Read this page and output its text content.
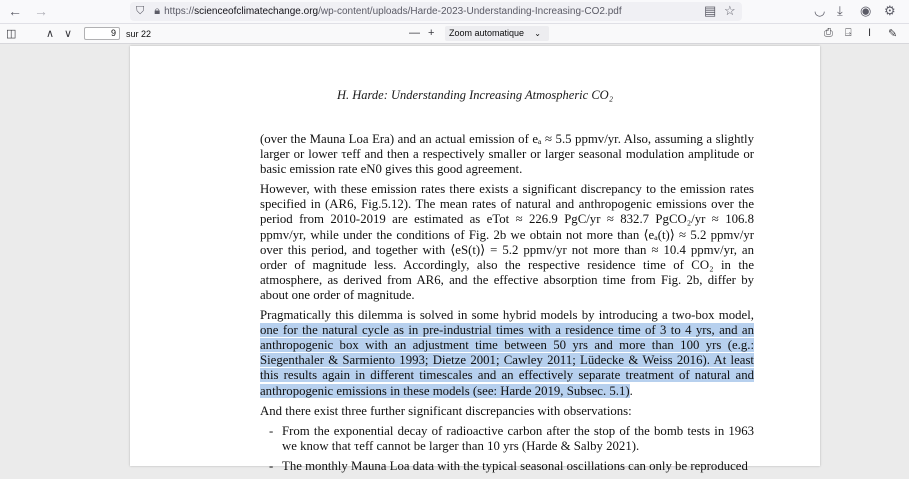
← →	⛉ 🔒︎ https:// scienceofclimatechange.org /wp-content/uploads/Harde-2023-Understanding-Increasing-CO2.pdf	▤ ☆	◡ ⤓ ◉ ⚙
◫	∧ ∨	9	sur 22	— +	Zoom automatique ⌄	⎙ ⍈ I ✎
H. Harde: Understanding Increasing Atmospheric CO₂

(over the Mauna Loa Era) and an actual emission of eₐ ≈ 5.5 ppmv/yr. Also, assuming a slightly larger or lower τeff and then a respectively smaller or larger seasonal modulation amplitude or basic emission rate eN0 gives this good agreement.

However, with these emission rates there exists a significant discrepancy to the emission rates specified in (AR6, Fig.5.12). The mean rates of natural and anthropogenic emissions over the period from 2010-2019 are estimated as eTot ≈ 226.9 PgC/yr ≈ 832.7 PgCO₂/yr ≈ 106.8 ppmv/yr, while under the conditions of Fig. 2b we obtain not more than ⟨eₐ(t)⟩ ≈ 5.2 ppmv/yr over this period, and together with ⟨eS(t)⟩ = 5.2 ppmv/yr not more than ≈ 10.4 ppmv/yr, an order of magnitude less. Accordingly, also the respective residence time of CO₂ in the atmosphere, as derived from AR6, and the effective absorption time from Fig. 2b, differ by about one order of magnitude.

Pragmatically this dilemma is solved in some hybrid models by introducing a two-box model, one for the natural cycle as in pre-industrial times with a residence time of 3 to 4 yrs, and an anthropogenic box with an adjustment time between 50 yrs and more than 100 yrs (e.g.: Siegenthaler & Sarmiento 1993; Dietze 2001; Cawley 2011; Lüdecke & Weiss 2016). At least this results again in different timescales and an effectively separate treatment of natural and anthropogenic emissions in these models (see: Harde 2019, Subsec. 5.1).

And there exist three further significant discrepancies with observations:

- From the exponential decay of radioactive carbon after the stop of the bomb tests in 1963 we know that τeff cannot be larger than 10 yrs (Harde & Salby 2021).
- The monthly Mauna Loa data with the typical seasonal oscillations can only be reproduced
